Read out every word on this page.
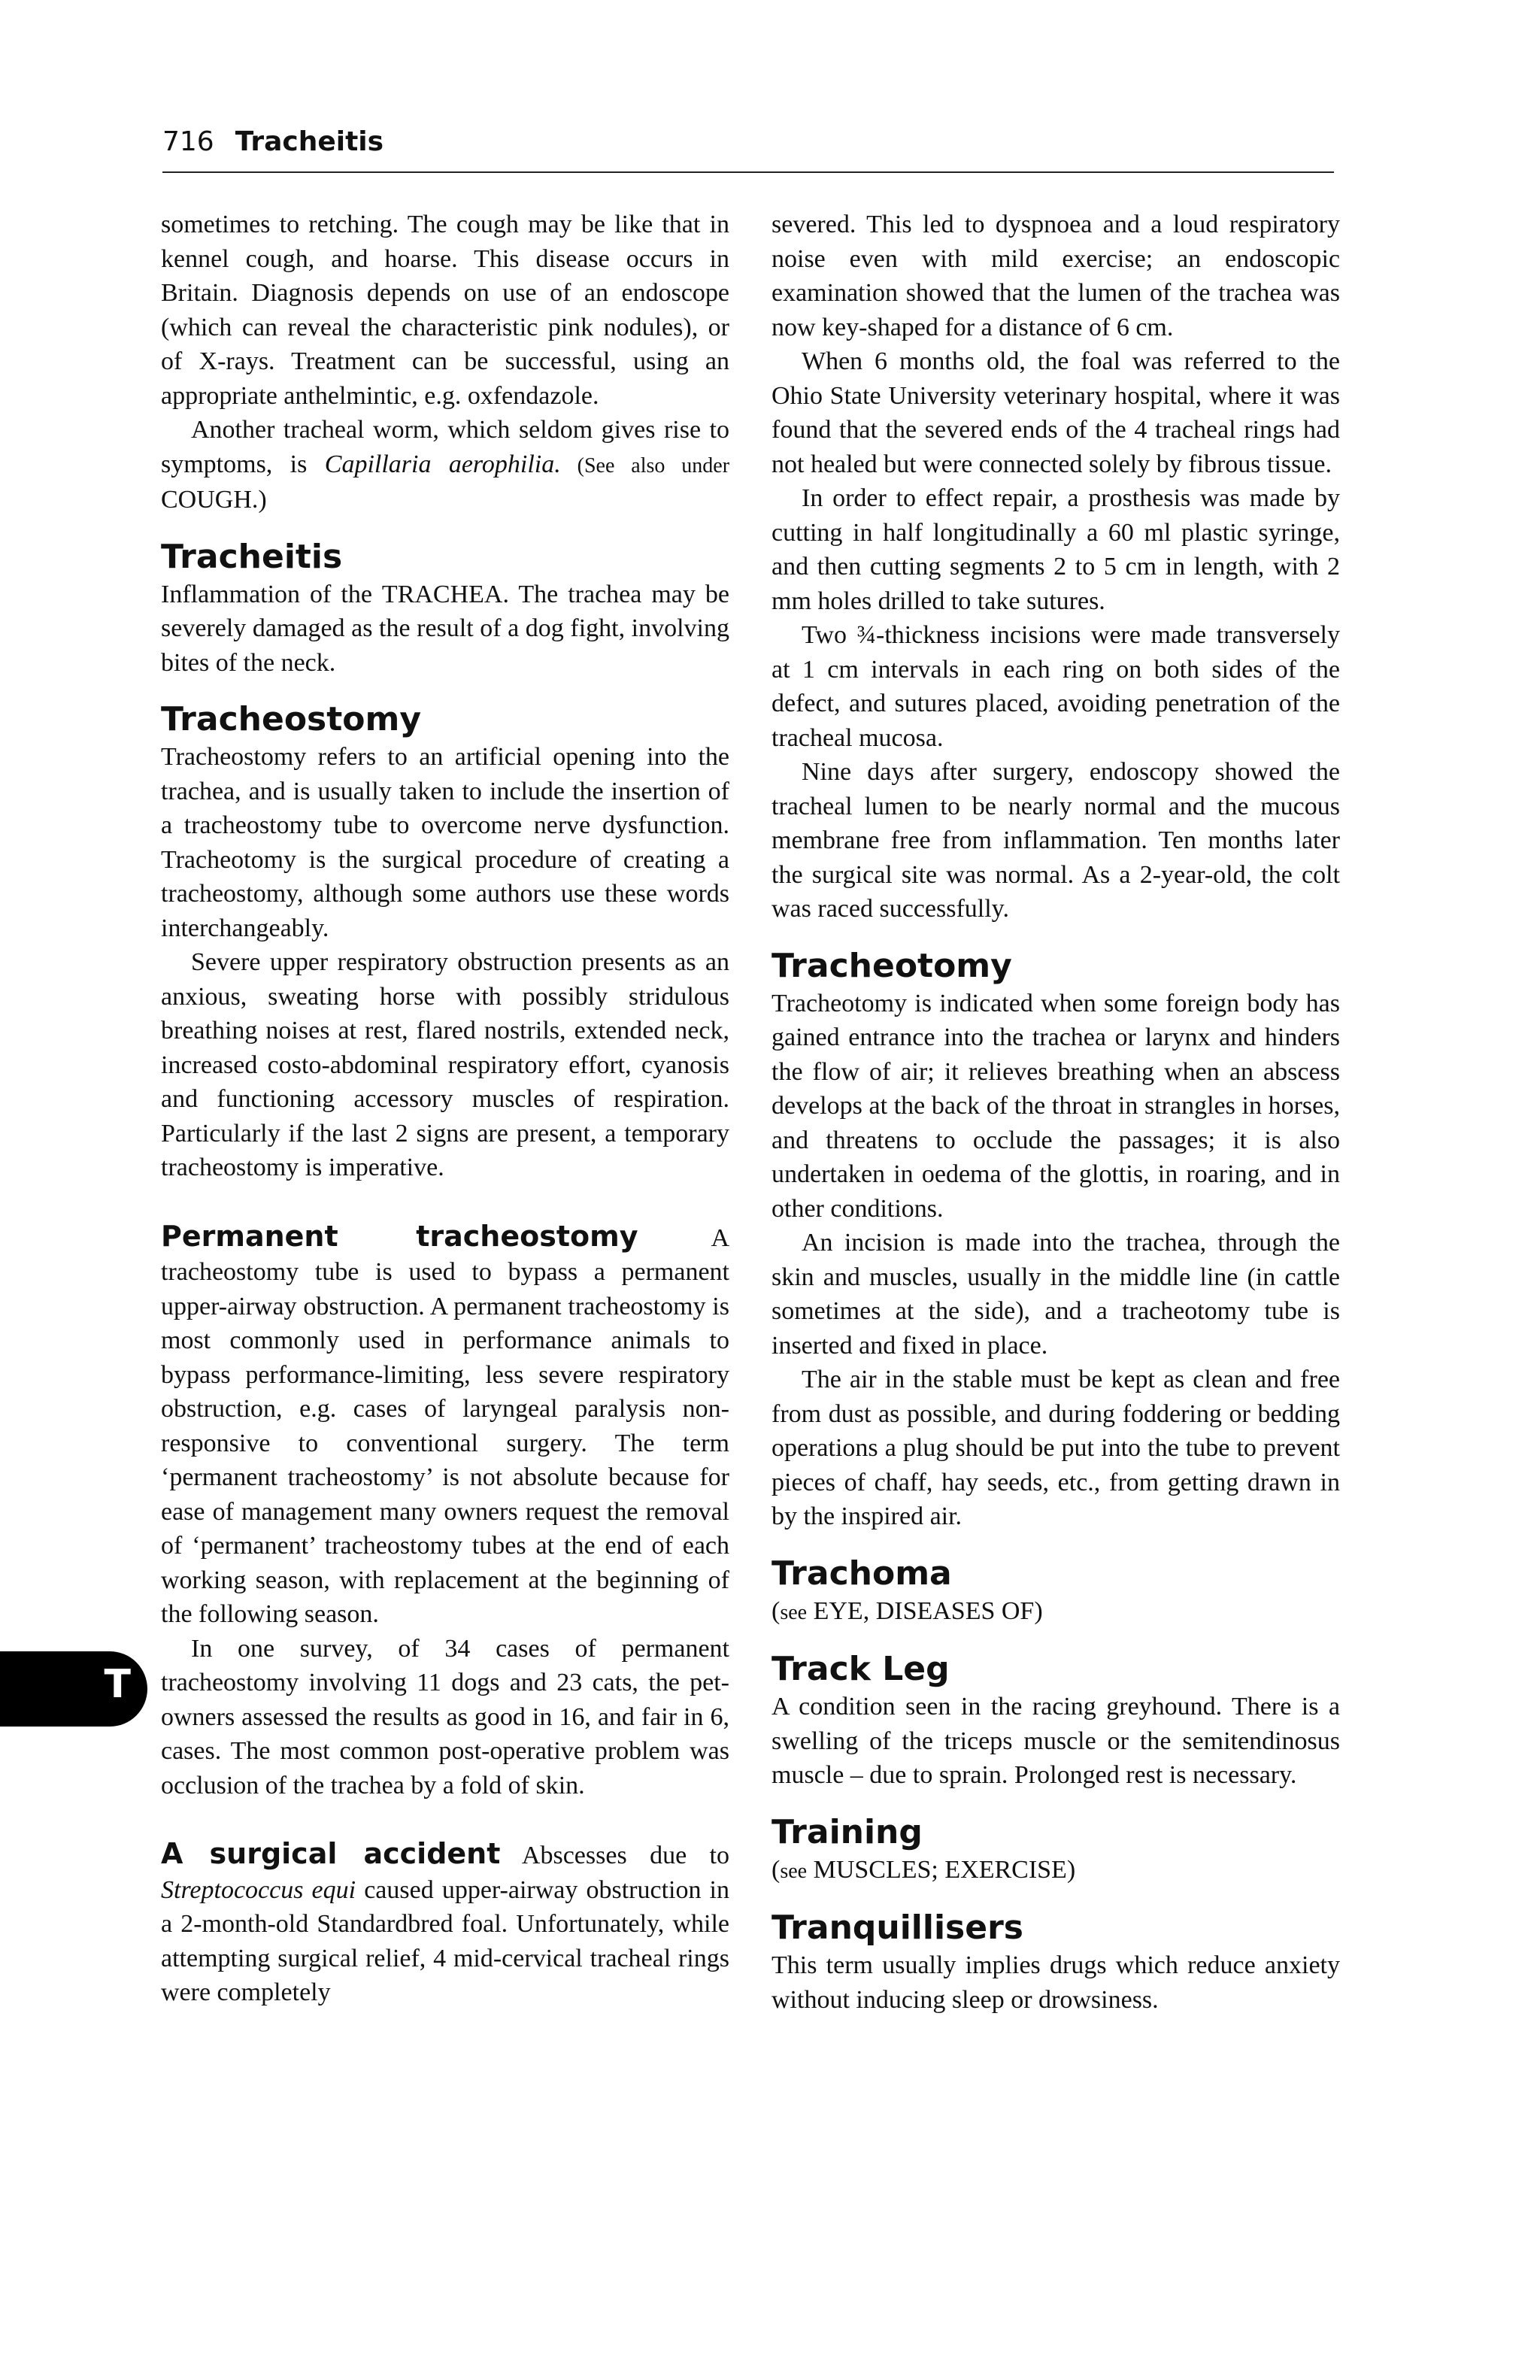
716 Tracheitis
T

sometimes to retching. The cough may be like that in kennel cough, and hoarse. This disease occurs in Britain. Diagnosis depends on use of an endoscope (which can reveal the characteristic pink nodules), or of X-rays. Treatment can be successful, using an appropriate anthelmintic, e.g. oxfendazole.

Another tracheal worm, which seldom gives rise to symptoms, is Capillaria aerophilia. (See also under COUGH.)

Tracheitis

Inflammation of the TRACHEA. The trachea may be severely damaged as the result of a dog fight, involving bites of the neck.

Tracheostomy

Tracheostomy refers to an artificial opening into the trachea, and is usually taken to include the insertion of a tracheostomy tube to overcome nerve dysfunction. Tracheotomy is the surgical procedure of creating a tracheostomy, although some authors use these words interchangeably.

Severe upper respiratory obstruction presents as an anxious, sweating horse with possibly stridulous breathing noises at rest, flared nostrils, extended neck, increased costo-abdominal respiratory effort, cyanosis and functioning accessory muscles of respiration. Particularly if the last 2 signs are present, a temporary tracheostomy is imperative.

Permanent tracheostomy A tracheostomy tube is used to bypass a permanent upper-airway obstruction. A permanent tracheostomy is most commonly used in performance animals to bypass performance-limiting, less severe respiratory obstruction, e.g. cases of laryngeal paralysis non-responsive to conventional surgery. The term ‘permanent tracheostomy’ is not absolute because for ease of management many owners request the removal of ‘permanent’ tracheostomy tubes at the end of each working season, with replacement at the beginning of the following season.

In one survey, of 34 cases of permanent tracheostomy involving 11 dogs and 23 cats, the pet-owners assessed the results as good in 16, and fair in 6, cases. The most common post-operative problem was occlusion of the trachea by a fold of skin.

A surgical accident Abscesses due to Streptococcus equi caused upper-airway obstruction in a 2-month-old Standardbred foal. Unfortunately, while attempting surgical relief, 4 mid-cervical tracheal rings were completely

severed. This led to dyspnoea and a loud respiratory noise even with mild exercise; an endoscopic examination showed that the lumen of the trachea was now key-shaped for a distance of 6 cm.

When 6 months old, the foal was referred to the Ohio State University veterinary hospital, where it was found that the severed ends of the 4 tracheal rings had not healed but were connected solely by fibrous tissue.

In order to effect repair, a prosthesis was made by cutting in half longitudinally a 60 ml plastic syringe, and then cutting segments 2 to 5 cm in length, with 2 mm holes drilled to take sutures.

Two ¾-thickness incisions were made transversely at 1 cm intervals in each ring on both sides of the defect, and sutures placed, avoiding penetration of the tracheal mucosa.

Nine days after surgery, endoscopy showed the tracheal lumen to be nearly normal and the mucous membrane free from inflammation. Ten months later the surgical site was normal. As a 2-year-old, the colt was raced successfully.

Tracheotomy

Tracheotomy is indicated when some foreign body has gained entrance into the trachea or larynx and hinders the flow of air; it relieves breathing when an abscess develops at the back of the throat in strangles in horses, and threatens to occlude the passages; it is also undertaken in oedema of the glottis, in roaring, and in other conditions.

An incision is made into the trachea, through the skin and muscles, usually in the middle line (in cattle sometimes at the side), and a tracheotomy tube is inserted and fixed in place.

The air in the stable must be kept as clean and free from dust as possible, and during foddering or bedding operations a plug should be put into the tube to prevent pieces of chaff, hay seeds, etc., from getting drawn in by the inspired air.

Trachoma

(see EYE, DISEASES OF)

Track Leg

A condition seen in the racing greyhound. There is a swelling of the triceps muscle or the semitendinosus muscle – due to sprain. Prolonged rest is necessary.

Training

(see MUSCLES; EXERCISE)

Tranquillisers

This term usually implies drugs which reduce anxiety without inducing sleep or drowsiness.
